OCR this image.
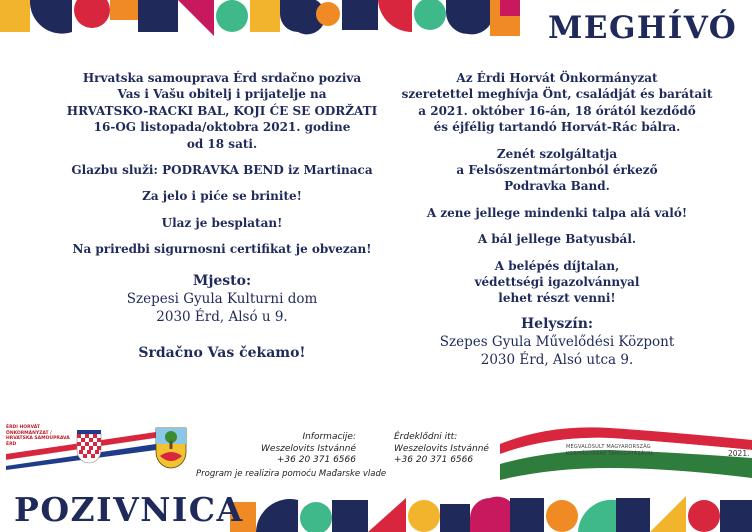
MEGHÍVÓ

Hrvatska samouprava Érd srdačno poziva

Vas i Vašu obitelj i prijatelje na

HRVATSKO-RACKI BAL, KOJI ĆE SE ODRŽATI

16-OG listopada/oktobra 2021. godine

od 18 sati.

Glazbu služi: PODRAVKA BEND iz Martinaca

Za jelo i piće se brinite!

Ulaz je besplatan!

Na priredbi sigurnosni certifikat je obvezan!

Mjesto:

Szepesi Gyula Kulturni dom

2030 Érd, Alsó u 9.

Srdačno Vas čekamo!

Az Érdi Horvát Önkormányzat

szeretettel meghívja Önt, családját és barátait

a 2021. október 16-án, 18 órától kezdődő

és éjfélig tartandó Horvát-Rác bálra.

Zenét szolgáltatja

a Felsőszentmártonból érkező

Podravka Band.

A zene jellege mindenki talpa alá való!

A bál jellege Batyusbál.

A belépés díjtalan,

védettségi igazolvánnyal

lehet részt venni!

Helyszín:

Szepes Gyula Művelődési Központ

2030 Érd, Alsó utca 9.

ÉRDI HORVÁT ÖNKORMÁNYZAT / HRVATSKA SAMOUPRAVA ÉRD
Informacije:
Weszelovits Istvánné
+36 20 371 6566
Érdeklődni itt:
Weszelovits Istvánné
+36 20 371 6566
Program je realizira pomoću Mađarske vlade
MEGVALÓSULT MAGYARORSZÁG KORMÁNYÁNAK TÁMOGATÁSÁVAL	2021.
POZIVNICA
